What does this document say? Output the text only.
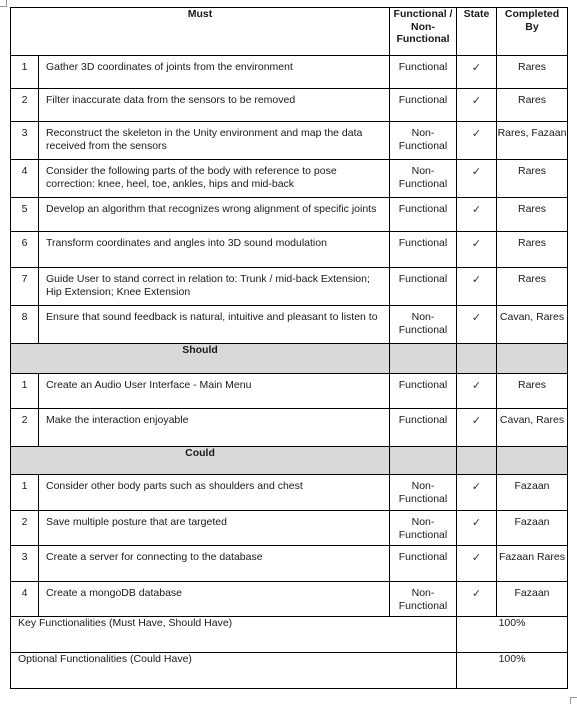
Must		Functional / Non-Functional	State	Completed By
1	Gather 3D coordinates of joints from the environment	Functional	✓	Rares
2	Filter inaccurate data from the sensors to be removed	Functional	✓	Rares
3	Reconstruct the skeleton in the Unity environment and map the data received from the sensors	Non-Functional	✓	Rares, Fazaan
4	Consider the following parts of the body with reference to pose correction: knee, heel, toe, ankles, hips and mid-back	Non-Functional	✓	Rares
5	Develop an algorithm that recognizes wrong alignment of specific joints	Functional	✓	Rares
6	Transform coordinates and angles into 3D sound modulation	Functional	✓	Rares
7	Guide User to stand correct in relation to: Trunk / mid-back Extension; Hip Extension; Knee Extension	Functional	✓	Rares
8	Ensure that sound feedback is natural, intuitive and pleasant to listen to	Non-Functional	✓	Cavan, Rares
Should				
1	Create an Audio User Interface - Main Menu	Functional	✓	Rares
2	Make the interaction enjoyable	Functional	✓	Cavan, Rares
Could				
1	Consider other body parts such as shoulders and chest	Non-Functional	✓	Fazaan
2	Save multiple posture that are targeted	Non-Functional	✓	Fazaan
3	Create a server for connecting to the database	Functional	✓	Fazaan Rares
4	Create a mongoDB database	Non-Functional	✓	Fazaan
Key Functionalities (Must Have, Should Have)			100%	
Optional Functionalities (Could Have)			100%	
